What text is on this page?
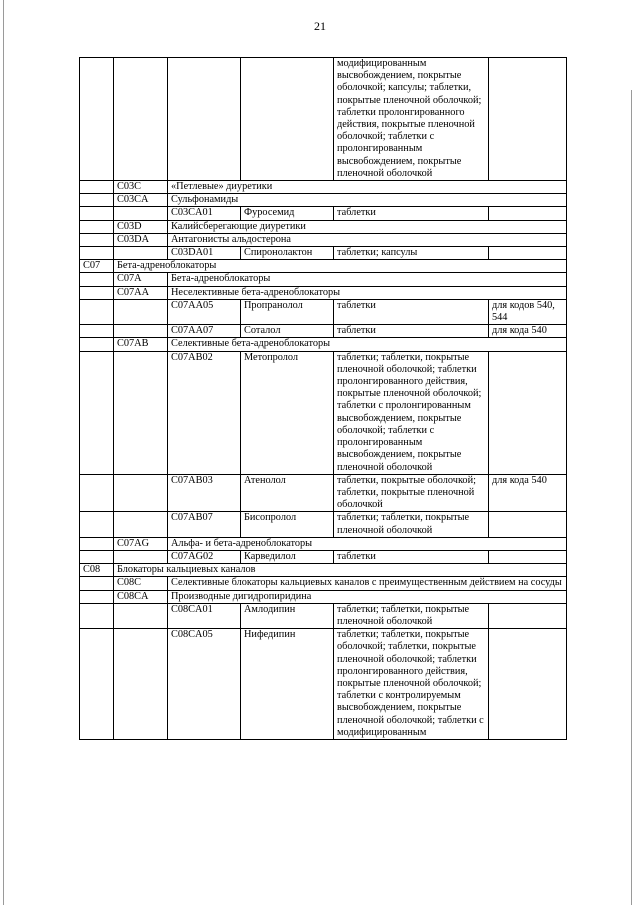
21
				модифицированным высвобождением, покрытые оболочкой; капсулы; таблетки, покрытые пленочной оболочкой; таблетки пролонгированного действия, покрытые пленочной оболочкой; таблетки с пролонгированным высвобождением, покрытые пленочной оболочкой	
	C03C	«Петлевые» диуретики			
	C03CA	Сульфонамиды			
		C03CA01	Фуросемид	таблетки	
	C03D	Калийсберегающие диуретики			
	C03DA	Антагонисты альдостерона			
		C03DA01	Спиронолактон	таблетки; капсулы	
C07	Бета-адреноблокаторы				
	C07A	Бета-адреноблокаторы			
	C07AA	Неселективные бета-адреноблокаторы			
		C07AA05	Пропранолол	таблетки	для кодов 540, 544
		C07AA07	Соталол	таблетки	для кода 540
	C07AB	Селективные бета-адреноблокаторы			
		C07AB02	Метопролол	таблетки; таблетки, покрытые пленочной оболочкой; таблетки пролонгированного действия, покрытые пленочной оболочкой; таблетки с пролонгированным высвобождением, покрытые оболочкой; таблетки с пролонгированным высвобождением, покрытые пленочной оболочкой	
		C07AB03	Атенолол	таблетки, покрытые оболочкой; таблетки, покрытые пленочной оболочкой	для кода 540
		C07AB07	Бисопролол	таблетки; таблетки, покрытые пленочной оболочкой	
	C07AG	Альфа- и бета-адреноблокаторы			
		C07AG02	Карведилол	таблетки	
C08	Блокаторы кальциевых каналов				
	C08C	Селективные блокаторы кальциевых каналов с преимущественным действием на сосуды			
	C08CA	Производные дигидропиридина			
		C08CA01	Амлодипин	таблетки; таблетки, покрытые пленочной оболочкой	
		C08CA05	Нифедипин	таблетки; таблетки, покрытые оболочкой; таблетки, покрытые пленочной оболочкой; таблетки пролонгированного действия, покрытые пленочной оболочкой; таблетки с контролируемым высвобождением, покрытые пленочной оболочкой; таблетки с модифицированным	
